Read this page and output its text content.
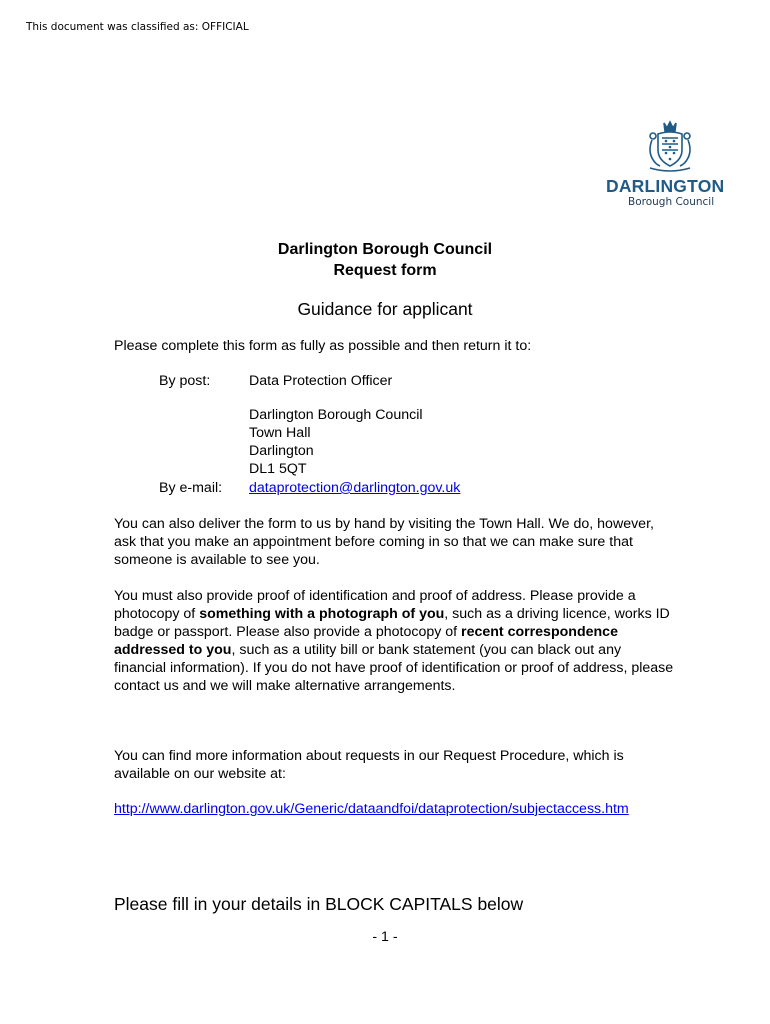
This document was classified as: OFFICIAL
DARLINGTON
Borough Council
Darlington Borough Council
Request form
Guidance for applicant
Please complete this form as fully as possible and then return it to:
By post:	Data Protection Officer
Darlington Borough Council
Town Hall
Darlington
DL1 5QT
By e-mail: dataprotection@darlington.gov.uk
You can also deliver the form to us by hand by visiting the Town Hall. We do, however, ask that you make an appointment before coming in so that we can make sure that someone is available to see you.
You must also provide proof of identification and proof of address. Please provide a photocopy of something with a photograph of you, such as a driving licence, works ID badge or passport. Please also provide a photocopy of recent correspondence addressed to you, such as a utility bill or bank statement (you can black out any financial information). If you do not have proof of identification or proof of address, please contact us and we will make alternative arrangements.
You can find more information about requests in our Request Procedure, which is available on our website at:
http://www.darlington.gov.uk/Generic/dataandfoi/dataprotection/subjectaccess.htm
Please fill in your details in BLOCK CAPITALS below
- 1 -
